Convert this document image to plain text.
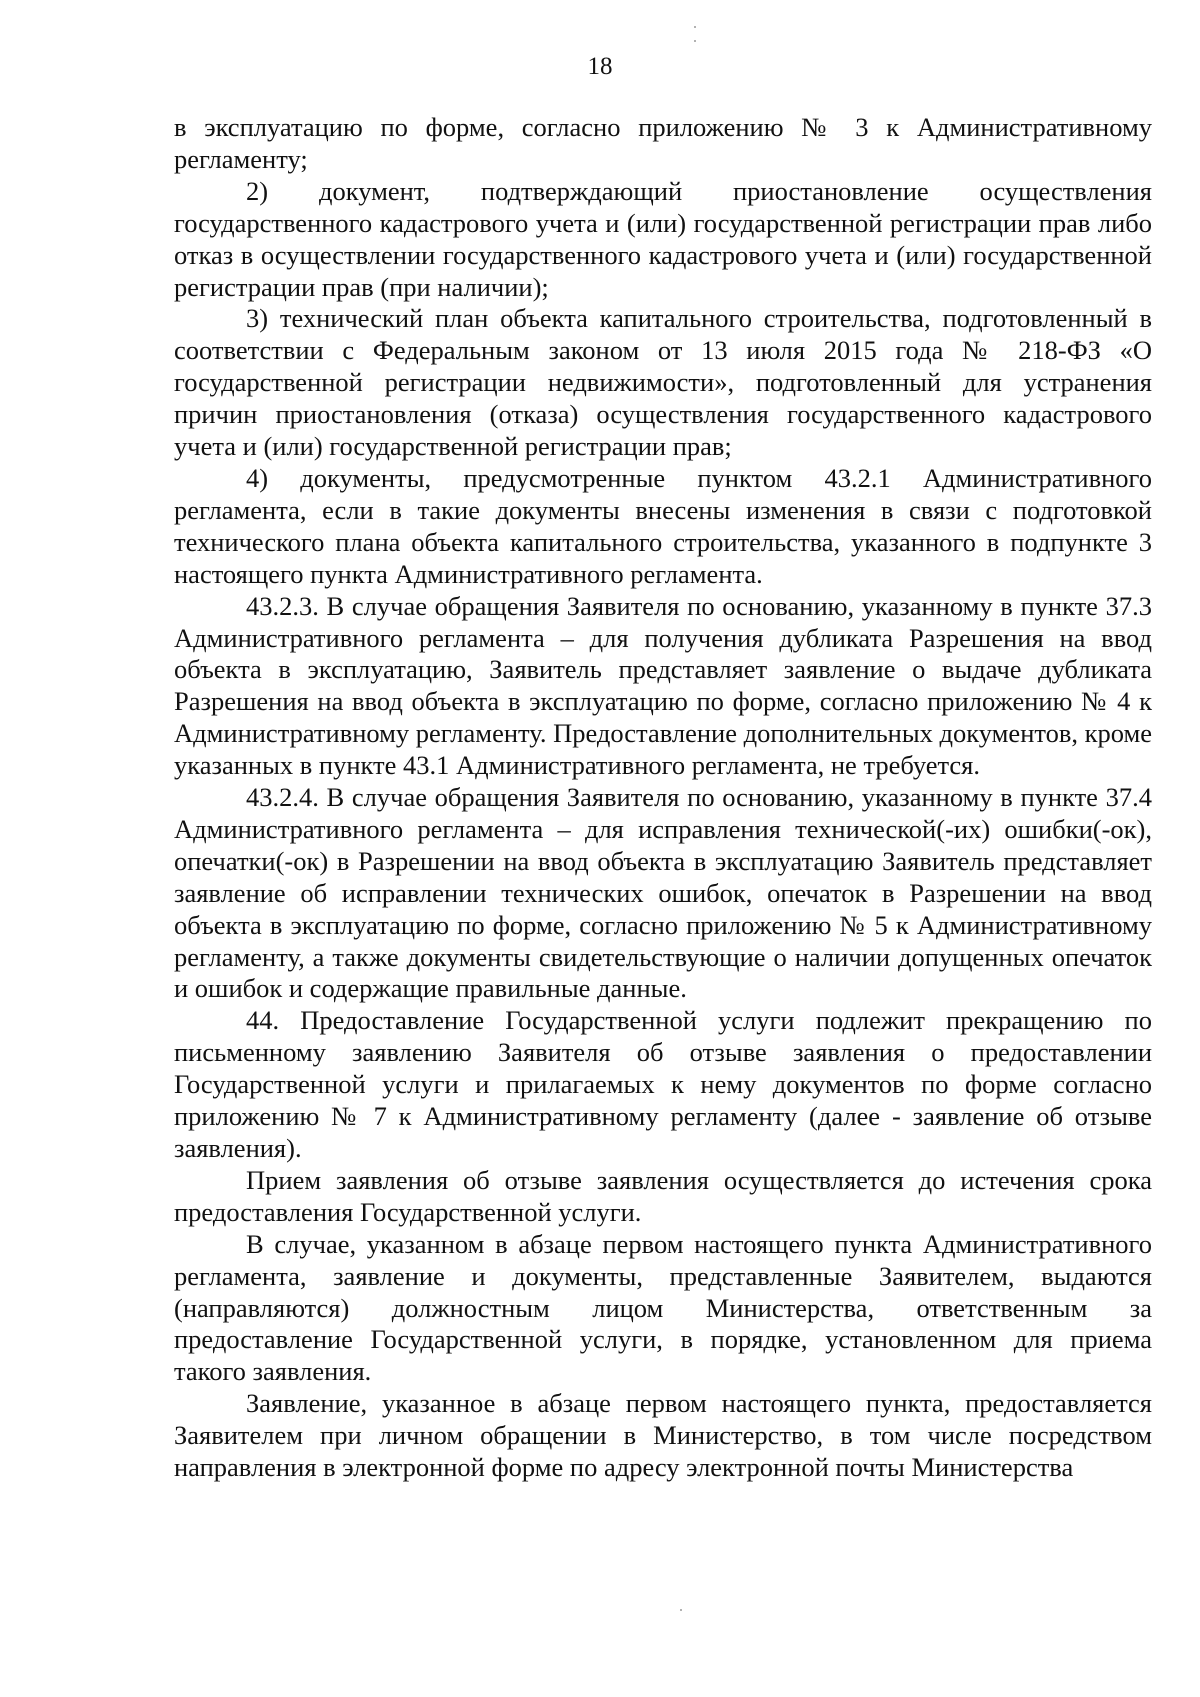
18

в эксплуатацию по форме, согласно приложению № 3 к Административному регламенту;

2) документ, подтверждающий приостановление осуществления государственного кадастрового учета и (или) государственной регистрации прав либо отказ в осуществлении государственного кадастрового учета и (или) государственной регистрации прав (при наличии);

3) технический план объекта капитального строительства, подготовленный в соответствии с Федеральным законом от 13 июля 2015 года № 218-ФЗ «О государственной регистрации недвижимости», подготовленный для устранения причин приостановления (отказа) осуществления государственного кадастрового учета и (или) государственной регистрации прав;

4) документы, предусмотренные пунктом 43.2.1 Административного регламента, если в такие документы внесены изменения в связи с подготовкой технического плана объекта капитального строительства, указанного в подпункте 3 настоящего пункта Административного регламента.

43.2.3. В случае обращения Заявителя по основанию, указанному в пункте 37.3 Административного регламента – для получения дубликата Разрешения на ввод объекта в эксплуатацию, Заявитель представляет заявление о выдаче дубликата Разрешения на ввод объекта в эксплуатацию по форме, согласно приложению № 4 к Административному регламенту. Предоставление дополнительных документов, кроме указанных в пункте 43.1 Административного регламента, не требуется.

43.2.4. В случае обращения Заявителя по основанию, указанному в пункте 37.4 Административного регламента – для исправления технической(-их) ошибки(-ок), опечатки(-ок) в Разрешении на ввод объекта в эксплуатацию Заявитель представляет заявление об исправлении технических ошибок, опечаток в Разрешении на ввод объекта в эксплуатацию по форме, согласно приложению № 5 к Административному регламенту, а также документы свидетельствующие о наличии допущенных опечаток и ошибок и содержащие правильные данные.

44. Предоставление Государственной услуги подлежит прекращению по письменному заявлению Заявителя об отзыве заявления о предоставлении Государственной услуги и прилагаемых к нему документов по форме согласно приложению № 7 к Административному регламенту (далее - заявление об отзыве заявления).

Прием заявления об отзыве заявления осуществляется до истечения срока предоставления Государственной услуги.

В случае, указанном в абзаце первом настоящего пункта Административного регламента, заявление и документы, представленные Заявителем, выдаются (направляются) должностным лицом Министерства, ответственным за предоставление Государственной услуги, в порядке, установленном для приема такого заявления.

Заявление, указанное в абзаце первом настоящего пункта, предоставляется Заявителем при личном обращении в Министерство, в том числе посредством направления в электронной форме по адресу электронной почты Министерства
